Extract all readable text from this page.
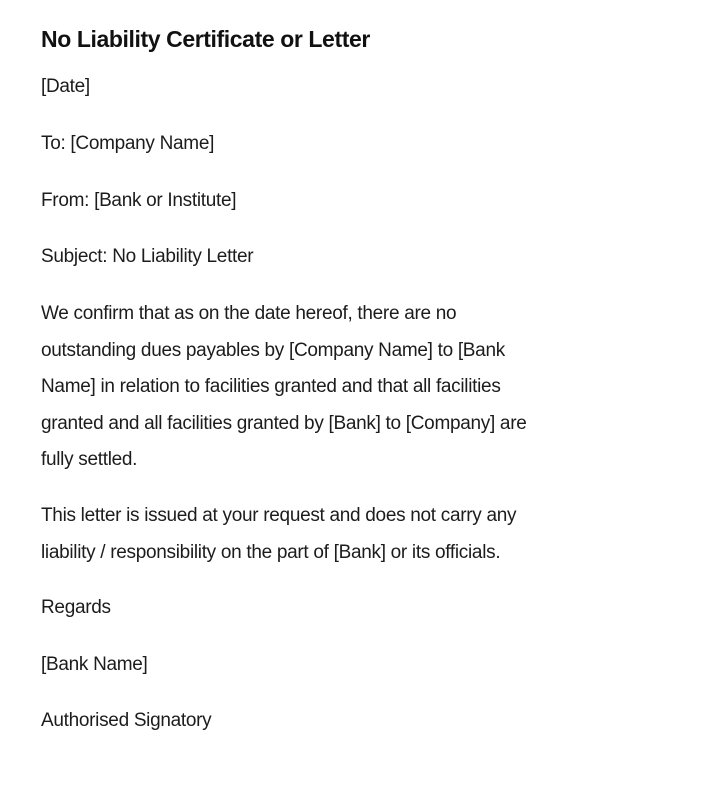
No Liability Certificate or Letter
[Date]
To: [Company Name]
From: [Bank or Institute]
Subject: No Liability Letter
We confirm that as on the date hereof, there are no
outstanding dues payables by [Company Name] to [Bank
Name] in relation to facilities granted and that all facilities
granted and all facilities granted by [Bank] to [Company] are
fully settled.
This letter is issued at your request and does not carry any
liability / responsibility on the part of [Bank] or its officials.
Regards
[Bank Name]
Authorised Signatory
